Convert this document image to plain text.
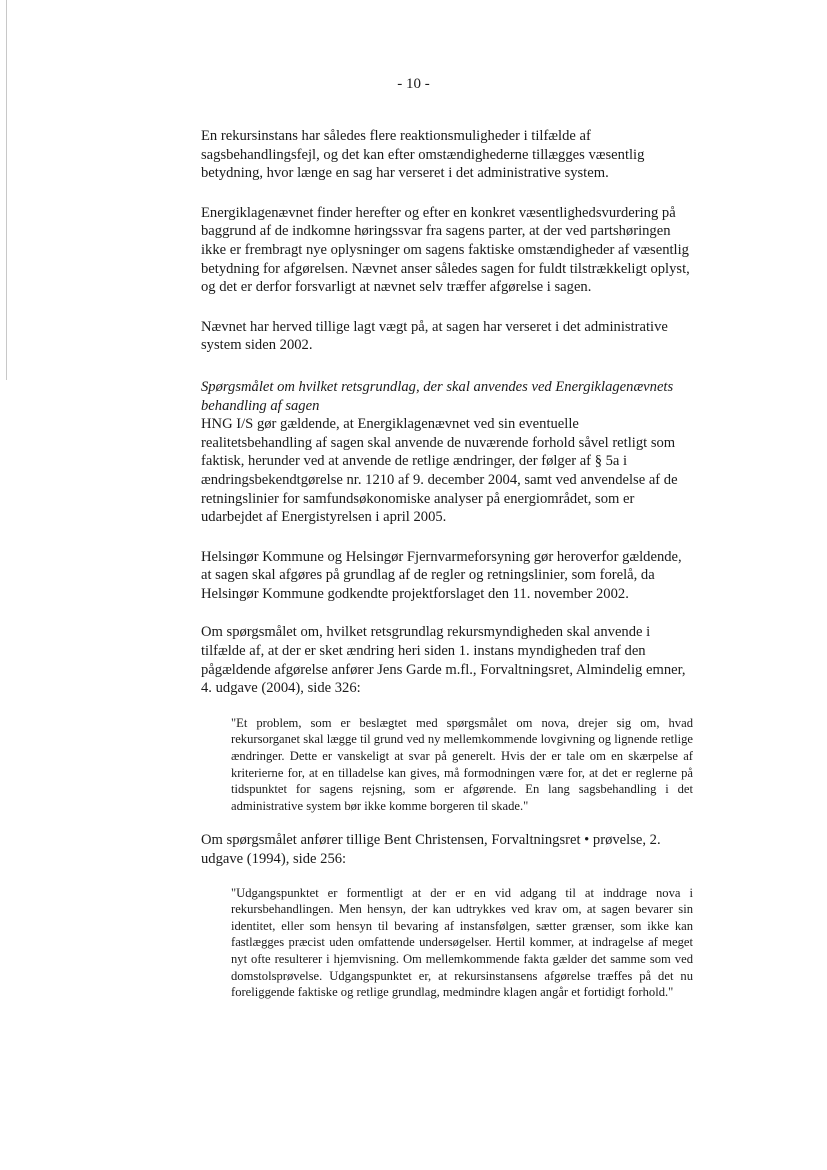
- 10 -

En rekursinstans har således flere reaktionsmuligheder i tilfælde af sagsbehandlingsfejl, og det kan efter omstændighederne tillægges væsentlig betydning, hvor længe en sag har verseret i det administrative system.

Energiklagenævnet finder herefter og efter en konkret væsentlighedsvurdering på baggrund af de indkomne høringssvar fra sagens parter, at der ved partshøringen ikke er frembragt nye oplysninger om sagens faktiske omstændigheder af væsentlig betydning for afgørelsen. Nævnet anser således sagen for fuldt tilstrækkeligt oplyst, og det er derfor forsvarligt at nævnet selv træffer afgørelse i sagen.

Nævnet har herved tillige lagt vægt på, at sagen har verseret i det administrative system siden 2002.

Spørgsmålet om hvilket retsgrundlag, der skal anvendes ved Energiklagenævnets behandling af sagen

HNG I/S gør gældende, at Energiklagenævnet ved sin eventuelle realitetsbehandling af sagen skal anvende de nuværende forhold såvel retligt som faktisk, herunder ved at anvende de retlige ændringer, der følger af § 5a i ændringsbekendtgørelse nr. 1210 af 9. december 2004, samt ved anvendelse af de retningslinier for samfundsøkonomiske analyser på energiområdet, som er udarbejdet af Energistyrelsen i april 2005.

Helsingør Kommune og Helsingør Fjernvarmeforsyning gør heroverfor gældende, at sagen skal afgøres på grundlag af de regler og retningslinier, som forelå, da Helsingør Kommune godkendte projektforslaget den 11. november 2002.

Om spørgsmålet om, hvilket retsgrundlag rekursmyndigheden skal anvende i tilfælde af, at der er sket ændring heri siden 1. instans myndigheden traf den pågældende afgørelse anfører Jens Garde m.fl., Forvaltningsret, Almindelig emner, 4. udgave (2004), side 326:

"Et problem, som er beslægtet med spørgsmålet om nova, drejer sig om, hvad rekursorganet skal lægge til grund ved ny mellemkommende lovgivning og lignende retlige ændringer. Dette er vanskeligt at svar på generelt. Hvis der er tale om en skærpelse af kriterierne for, at en tilladelse kan gives, må formodningen være for, at det er reglerne på tidspunktet for sagens rejsning, som er afgørende. En lang sagsbehandling i det administrative system bør ikke komme borgeren til skade."

Om spørgsmålet anfører tillige Bent Christensen, Forvaltningsret • prøvelse, 2. udgave (1994), side 256:

"Udgangspunktet er formentligt at der er en vid adgang til at inddrage nova i rekursbehandlingen. Men hensyn, der kan udtrykkes ved krav om, at sagen bevarer sin identitet, eller som hensyn til bevaring af instansfølgen, sætter grænser, som ikke kan fastlægges præcist uden omfattende undersøgelser. Hertil kommer, at indragelse af meget nyt ofte resulterer i hjemvisning. Om mellemkommende fakta gælder det samme som ved domstolsprøvelse. Udgangspunktet er, at rekursinstansens afgørelse træffes på det nu foreliggende faktiske og retlige grundlag, medmindre klagen angår et fortidigt forhold."
